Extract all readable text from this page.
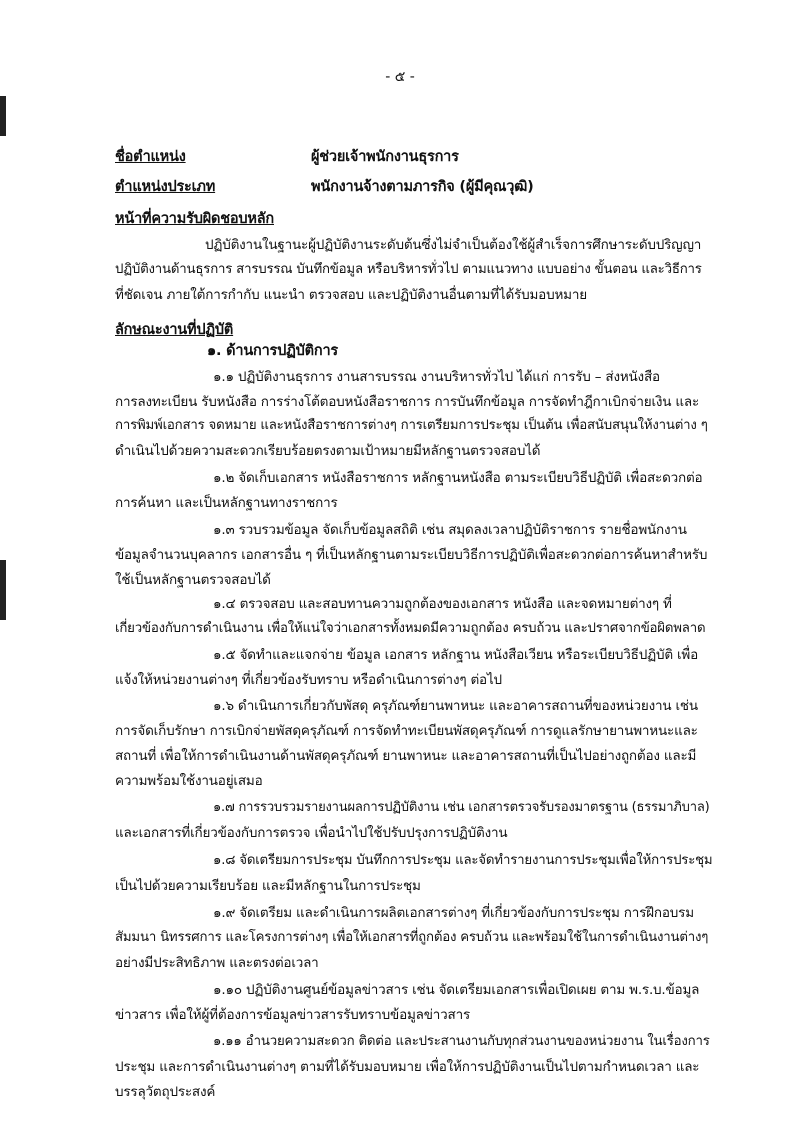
- ๕ -
ชื่อตำแหน่ง	ผู้ช่วยเจ้าพนักงานธุรการ
ตำแหน่งประเภท	พนักงานจ้างตามภารกิจ (ผู้มีคุณวุฒิ)
หน้าที่ความรับผิดชอบหลัก
ปฏิบัติงานในฐานะผู้ปฏิบัติงานระดับต้นซึ่งไม่จำเป็นต้องใช้ผู้สำเร็จการศึกษาระดับปริญญา
ปฏิบัติงานด้านธุรการ สารบรรณ บันทึกข้อมูล หรือบริหารทั่วไป ตามแนวทาง แบบอย่าง ขั้นตอน และวิธีการ
ที่ชัดเจน ภายใต้การกำกับ แนะนำ ตรวจสอบ และปฏิบัติงานอื่นตามที่ได้รับมอบหมาย
ลักษณะงานที่ปฏิบัติ
๑. ด้านการปฏิบัติการ
๑.๑ ปฏิบัติงานธุรการ งานสารบรรณ งานบริหารทั่วไป ได้แก่ การรับ – ส่งหนังสือ
การลงทะเบียน รับหนังสือ การร่างโต้ตอบหนังสือราชการ การบันทึกข้อมูล การจัดทำฎีกาเบิกจ่ายเงิน และ
การพิมพ์เอกสาร จดหมาย และหนังสือราชการต่างๆ การเตรียมการประชุม เป็นต้น เพื่อสนับสนุนให้งานต่าง ๆ
ดำเนินไปด้วยความสะดวกเรียบร้อยตรงตามเป้าหมายมีหลักฐานตรวจสอบได้
๑.๒ จัดเก็บเอกสาร หนังสือราชการ หลักฐานหนังสือ ตามระเบียบวิธีปฏิบัติ เพื่อสะดวกต่อ
การค้นหา และเป็นหลักฐานทางราชการ
๑.๓ รวบรวมข้อมูล จัดเก็บข้อมูลสถิติ เช่น สมุดลงเวลาปฏิบัติราชการ รายชื่อพนักงาน
ข้อมูลจำนวนบุคลากร เอกสารอื่น ๆ ที่เป็นหลักฐานตามระเบียบวิธีการปฏิบัติเพื่อสะดวกต่อการค้นหาสำหรับ
ใช้เป็นหลักฐานตรวจสอบได้
๑.๔ ตรวจสอบ และสอบทานความถูกต้องของเอกสาร หนังสือ และจดหมายต่างๆ ที่
เกี่ยวข้องกับการดำเนินงาน เพื่อให้แน่ใจว่าเอกสารทั้งหมดมีความถูกต้อง ครบถ้วน และปราศจากข้อผิดพลาด
๑.๕ จัดทำและแจกจ่าย ข้อมูล เอกสาร หลักฐาน หนังสือเวียน หรือระเบียบวิธีปฏิบัติ เพื่อ
แจ้งให้หน่วยงานต่างๆ ที่เกี่ยวข้องรับทราบ หรือดำเนินการต่างๆ ต่อไป
๑.๖ ดำเนินการเกี่ยวกับพัสดุ ครุภัณฑ์ยานพาหนะ และอาคารสถานที่ของหน่วยงาน เช่น
การจัดเก็บรักษา การเบิกจ่ายพัสดุครุภัณฑ์ การจัดทำทะเบียนพัสดุครุภัณฑ์ การดูแลรักษายานพาหนะและ
สถานที่ เพื่อให้การดำเนินงานด้านพัสดุครุภัณฑ์ ยานพาหนะ และอาคารสถานที่เป็นไปอย่างถูกต้อง และมี
ความพร้อมใช้งานอยู่เสมอ
๑.๗ การรวบรวมรายงานผลการปฏิบัติงาน เช่น เอกสารตรวจรับรองมาตรฐาน (ธรรมาภิบาล)
และเอกสารที่เกี่ยวข้องกับการตรวจ เพื่อนำไปใช้ปรับปรุงการปฏิบัติงาน
๑.๘ จัดเตรียมการประชุม บันทึกการประชุม และจัดทำรายงานการประชุมเพื่อให้การประชุม
เป็นไปด้วยความเรียบร้อย และมีหลักฐานในการประชุม
๑.๙ จัดเตรียม และดำเนินการผลิตเอกสารต่างๆ ที่เกี่ยวข้องกับการประชุม การฝึกอบรม
สัมมนา นิทรรศการ และโครงการต่างๆ เพื่อให้เอกสารที่ถูกต้อง ครบถ้วน และพร้อมใช้ในการดำเนินงานต่างๆ
อย่างมีประสิทธิภาพ และตรงต่อเวลา
๑.๑๐ ปฏิบัติงานศูนย์ข้อมูลข่าวสาร เช่น จัดเตรียมเอกสารเพื่อเปิดเผย ตาม พ.ร.บ.ข้อมูล
ข่าวสาร เพื่อให้ผู้ที่ต้องการข้อมูลข่าวสารรับทราบข้อมูลข่าวสาร
๑.๑๑ อำนวยความสะดวก ติดต่อ และประสานงานกับทุกส่วนงานของหน่วยงาน ในเรื่องการ
ประชุม และการดำเนินงานต่างๆ ตามที่ได้รับมอบหมาย เพื่อให้การปฏิบัติงานเป็นไปตามกำหนดเวลา และ
บรรลุวัตถุประสงค์
